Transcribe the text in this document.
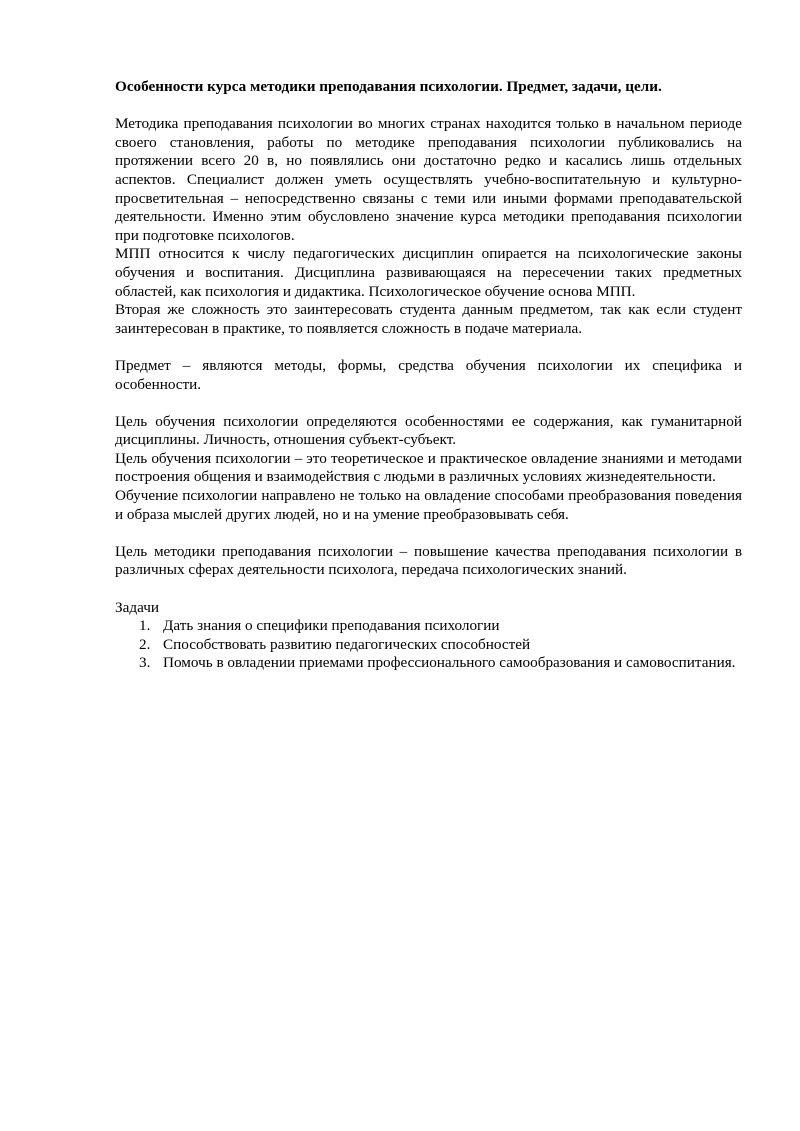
Особенности курса методики преподавания психологии. Предмет, задачи, цели.

Методика преподавания психологии во многих странах находится только в начальном периоде своего становления, работы по методике преподавания психологии публиковались на протяжении всего 20 в, но появлялись они достаточно редко и касались лишь отдельных аспектов. Специалист должен уметь осуществлять учебно-воспитательную и культурно-просветительная – непосредственно связаны с теми или иными формами преподавательской деятельности. Именно этим обусловлено значение курса методики преподавания психологии при подготовке психологов.

МПП относится к числу педагогических дисциплин опирается на психологические законы обучения и воспитания. Дисциплина развивающаяся на пересечении таких предметных областей, как психология и дидактика. Психологическое обучение основа МПП.

Вторая же сложность это заинтересовать студента данным предметом, так как если студент заинтересован в практике, то появляется сложность в подаче материала.

Предмет – являются методы, формы, средства обучения психологии их специфика и особенности.

Цель обучения психологии определяются особенностями ее содержания, как гуманитарной дисциплины. Личность, отношения субъект-субъект.

Цель обучения психологии – это теоретическое и практическое овладение знаниями и методами построения общения и взаимодействия с людьми в различных условиях жизнедеятельности.

Обучение психологии направлено не только на овладение способами преобразования поведения и образа мыслей других людей, но и на умение преобразовывать себя.

Цель методики преподавания психологии – повышение качества преподавания психологии в различных сферах деятельности психолога, передача психологических знаний.

Задачи

1. Дать знания о специфики преподавания психологии
2. Способствовать развитию педагогических способностей
3. Помочь в овладении приемами профессионального самообразования и самовоспитания.
